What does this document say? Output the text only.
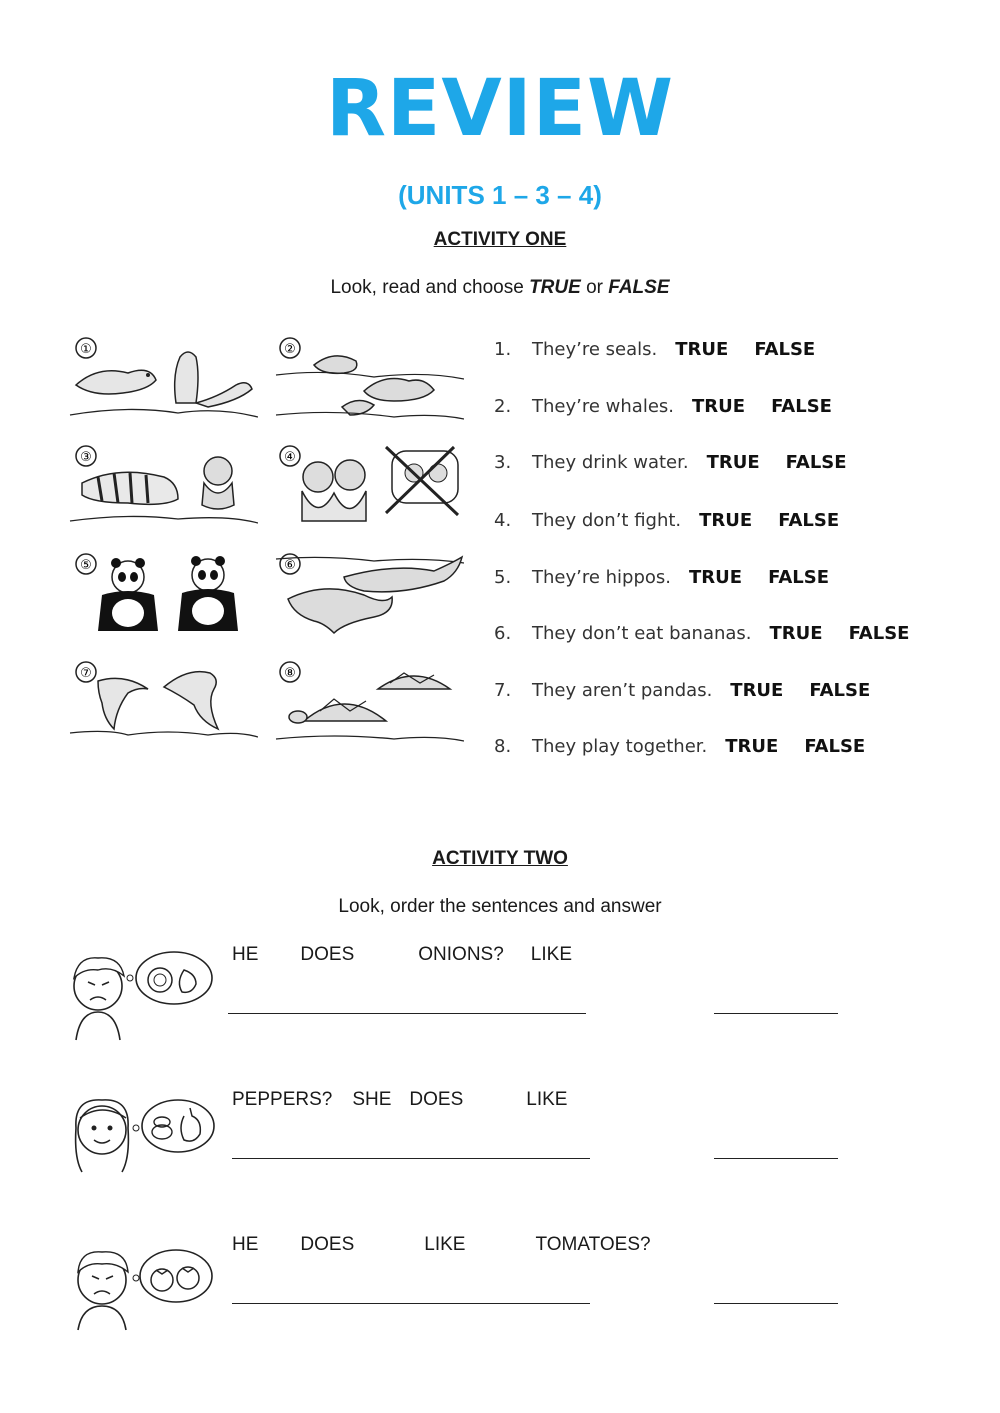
REVIEW
(UNITS 1 – 3 – 4)
ACTIVITY ONE
Look, read and choose TRUE or FALSE
①	②
③	④
⑤	⑥
⑦	⑧
1. They’re seals. TRUE FALSE
2. They’re whales. TRUE FALSE
3. They drink water. TRUE FALSE
4. They don’t fight. TRUE FALSE
5. They’re hippos. TRUE FALSE
6. They don’t eat bananas. TRUE FALSE
7. They aren’t pandas. TRUE FALSE
8. They play together. TRUE FALSE
ACTIVITY TWO
Look, order the sentences and answer
HE DOES	ONIONS? LIKE
PEPPERS? SHE DOES	LIKE
HE DOES	LIKE	TOMATOES?
